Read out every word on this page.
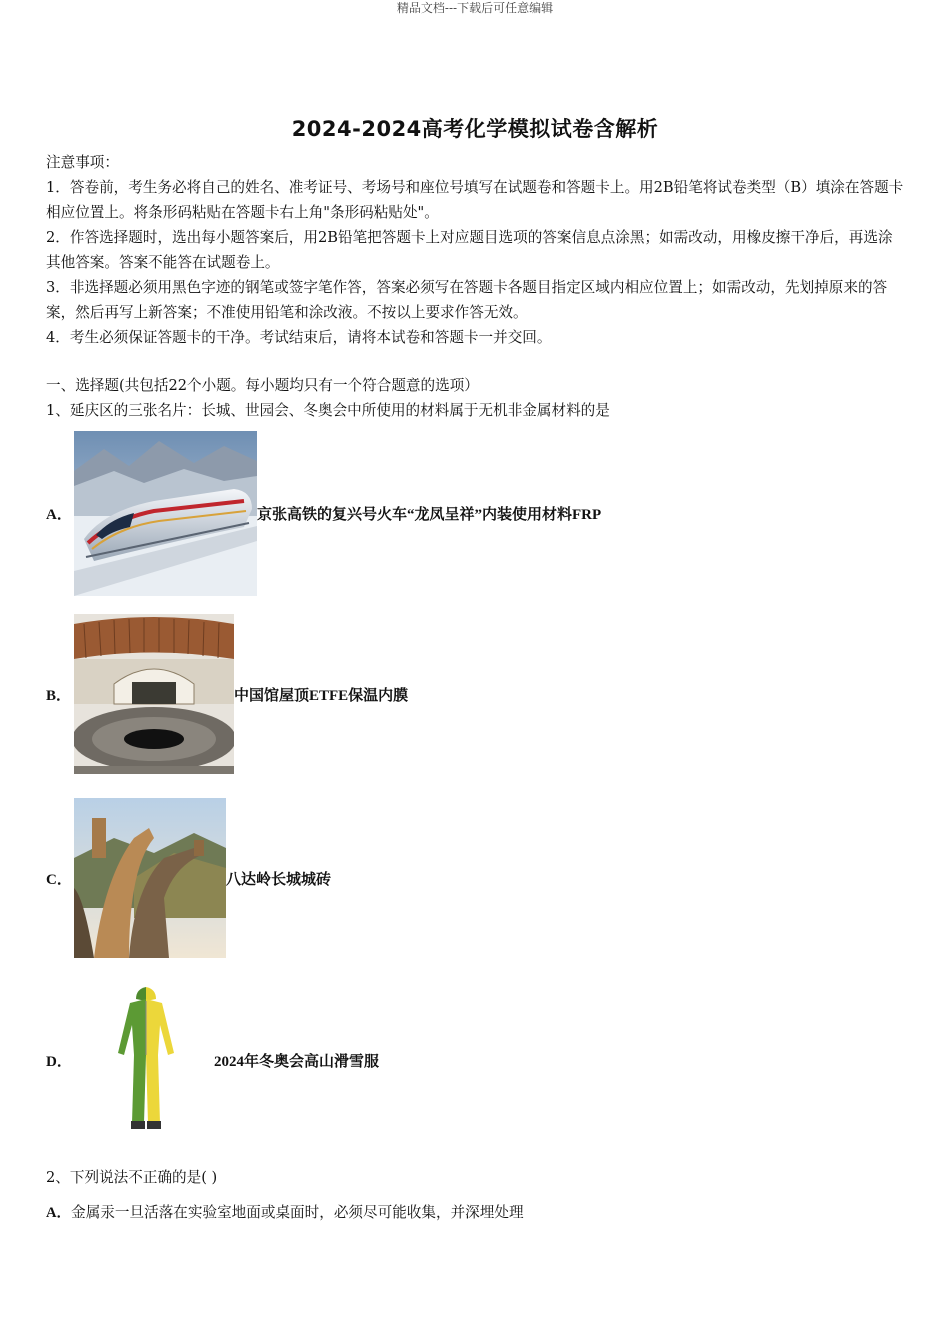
精品文档---下载后可任意编辑
2024-2024高考化学模拟试卷含解析
注意事项：

1．答卷前，考生务必将自己的姓名、准考证号、考场号和座位号填写在试题卷和答题卡上。用2B铅笔将试卷类型（B）填涂在答题卡相应位置上。将条形码粘贴在答题卡右上角"条形码粘贴处"。

2．作答选择题时，选出每小题答案后，用2B铅笔把答题卡上对应题目选项的答案信息点涂黑；如需改动，用橡皮擦干净后，再选涂其他答案。答案不能答在试题卷上。

3．非选择题必须用黑色字迹的钢笔或签字笔作答，答案必须写在答题卡各题目指定区域内相应位置上；如需改动，先划掉原来的答案，然后再写上新答案；不准使用铅笔和涂改液。不按以上要求作答无效。

4．考生必须保证答题卡的干净。考试结束后，请将本试卷和答题卡一并交回。

一、选择题(共包括22个小题。每小题均只有一个符合题意的选项）
1、延庆区的三张名片：长城、世园会、冬奥会中所使用的材料属于无机非金属材料的是
A．	京张高铁的复兴号火车“龙凤呈祥”内装使用材料FRP
B．	中国馆屋顶ETFE保温内膜
C．	八达岭长城城砖
D．	2024年冬奥会高山滑雪服
2、下列说法不正确的是( )
A．金属汞一旦活落在实验室地面或桌面时，必须尽可能收集，并深埋处理
